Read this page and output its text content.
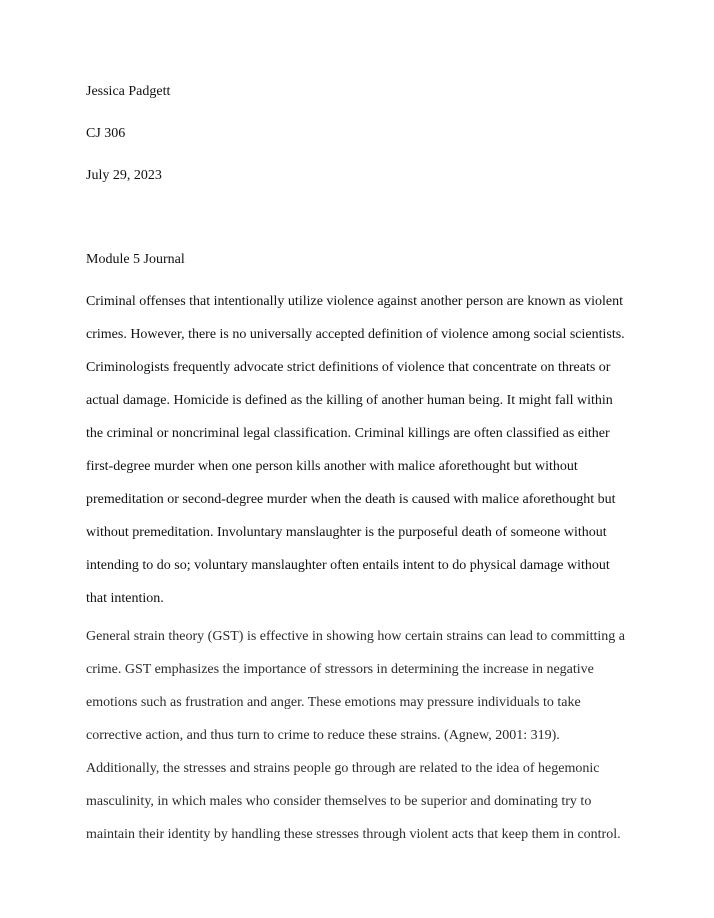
Jessica Padgett
CJ 306
July 29, 2023
Module 5 Journal
Criminal offenses that intentionally utilize violence against another person are known as violent
crimes. However, there is no universally accepted definition of violence among social scientists.
Criminologists frequently advocate strict definitions of violence that concentrate on threats or
actual damage. Homicide is defined as the killing of another human being. It might fall within
the criminal or noncriminal legal classification. Criminal killings are often classified as either
first-degree murder when one person kills another with malice aforethought but without
premeditation or second-degree murder when the death is caused with malice aforethought but
without premeditation. Involuntary manslaughter is the purposeful death of someone without
intending to do so; voluntary manslaughter often entails intent to do physical damage without
that intention.
General strain theory (GST) is effective in showing how certain strains can lead to committing a
crime. GST emphasizes the importance of stressors in determining the increase in negative
emotions such as frustration and anger. These emotions may pressure individuals to take
corrective action, and thus turn to crime to reduce these strains. (Agnew, 2001: 319).
Additionally, the stresses and strains people go through are related to the idea of hegemonic
masculinity, in which males who consider themselves to be superior and dominating try to
maintain their identity by handling these stresses through violent acts that keep them in control.
